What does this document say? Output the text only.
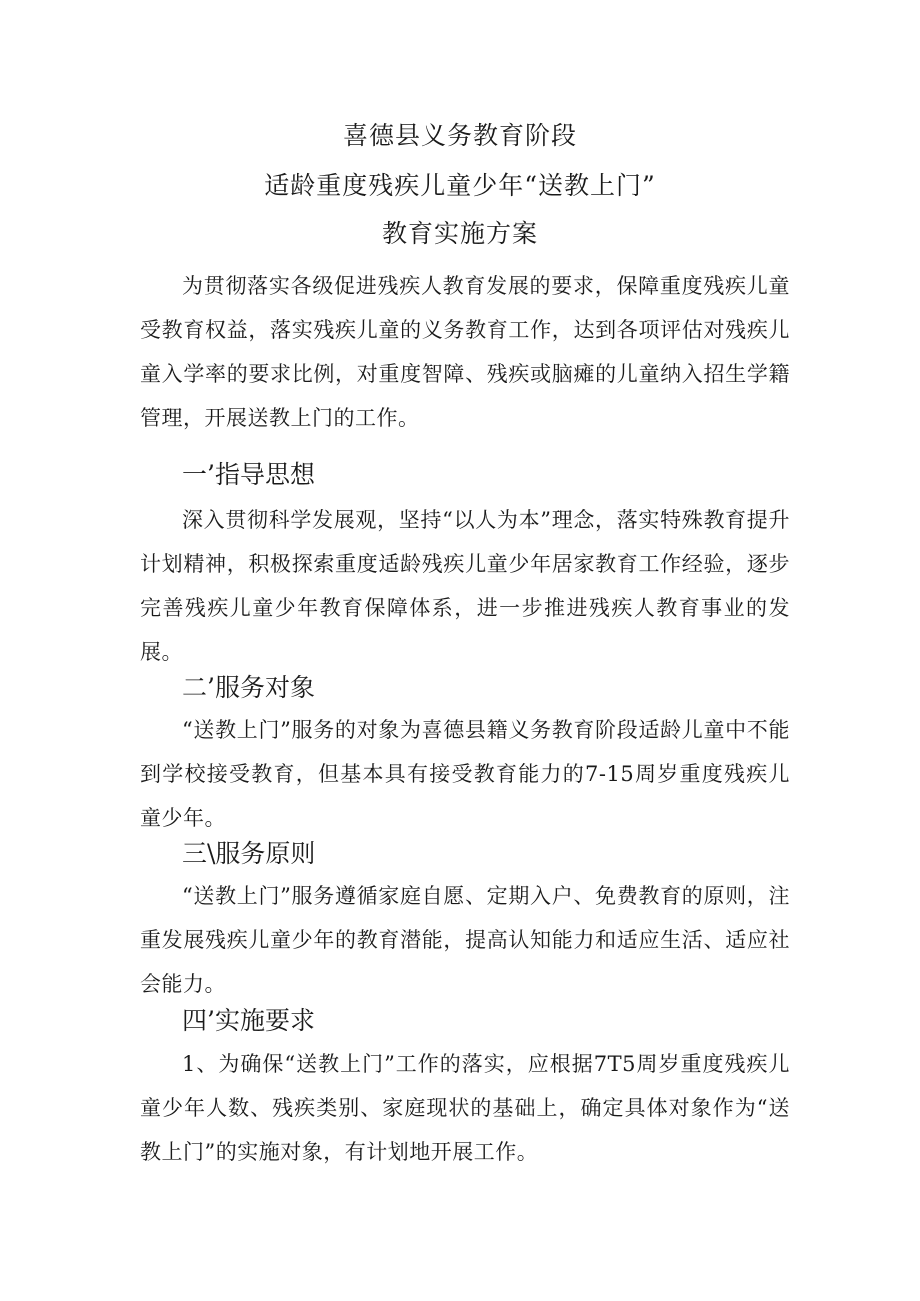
喜德县义务教育阶段
适龄重度残疾儿童少年“送教上门”
教育实施方案

为贯彻落实各级促进残疾人教育发展的要求，保障重度残疾儿童受教育权益，落实残疾儿童的义务教育工作，达到各项评估对残疾儿童入学率的要求比例，对重度智障、残疾或脑瘫的儿童纳入招生学籍管理，开展送教上门的工作。

一’指导思想

深入贯彻科学发展观，坚持“以人为本”理念，落实特殊教育提升计划精神，积极探索重度适龄残疾儿童少年居家教育工作经验，逐步完善残疾儿童少年教育保障体系，进一步推进残疾人教育事业的发展。

二’服务对象

“送教上门”服务的对象为喜德县籍义务教育阶段适龄儿童中不能到学校接受教育，但基本具有接受教育能力的7-15周岁重度残疾儿童少年。

三\服务原则

“送教上门”服务遵循家庭自愿、定期入户、免费教育的原则，注重发展残疾儿童少年的教育潜能，提高认知能力和适应生活、适应社会能力。

四’实施要求

1、为确保“送教上门”工作的落实，应根据7T5周岁重度残疾儿童少年人数、残疾类别、家庭现状的基础上，确定具体对象作为“送教上门”的实施对象，有计划地开展工作。
